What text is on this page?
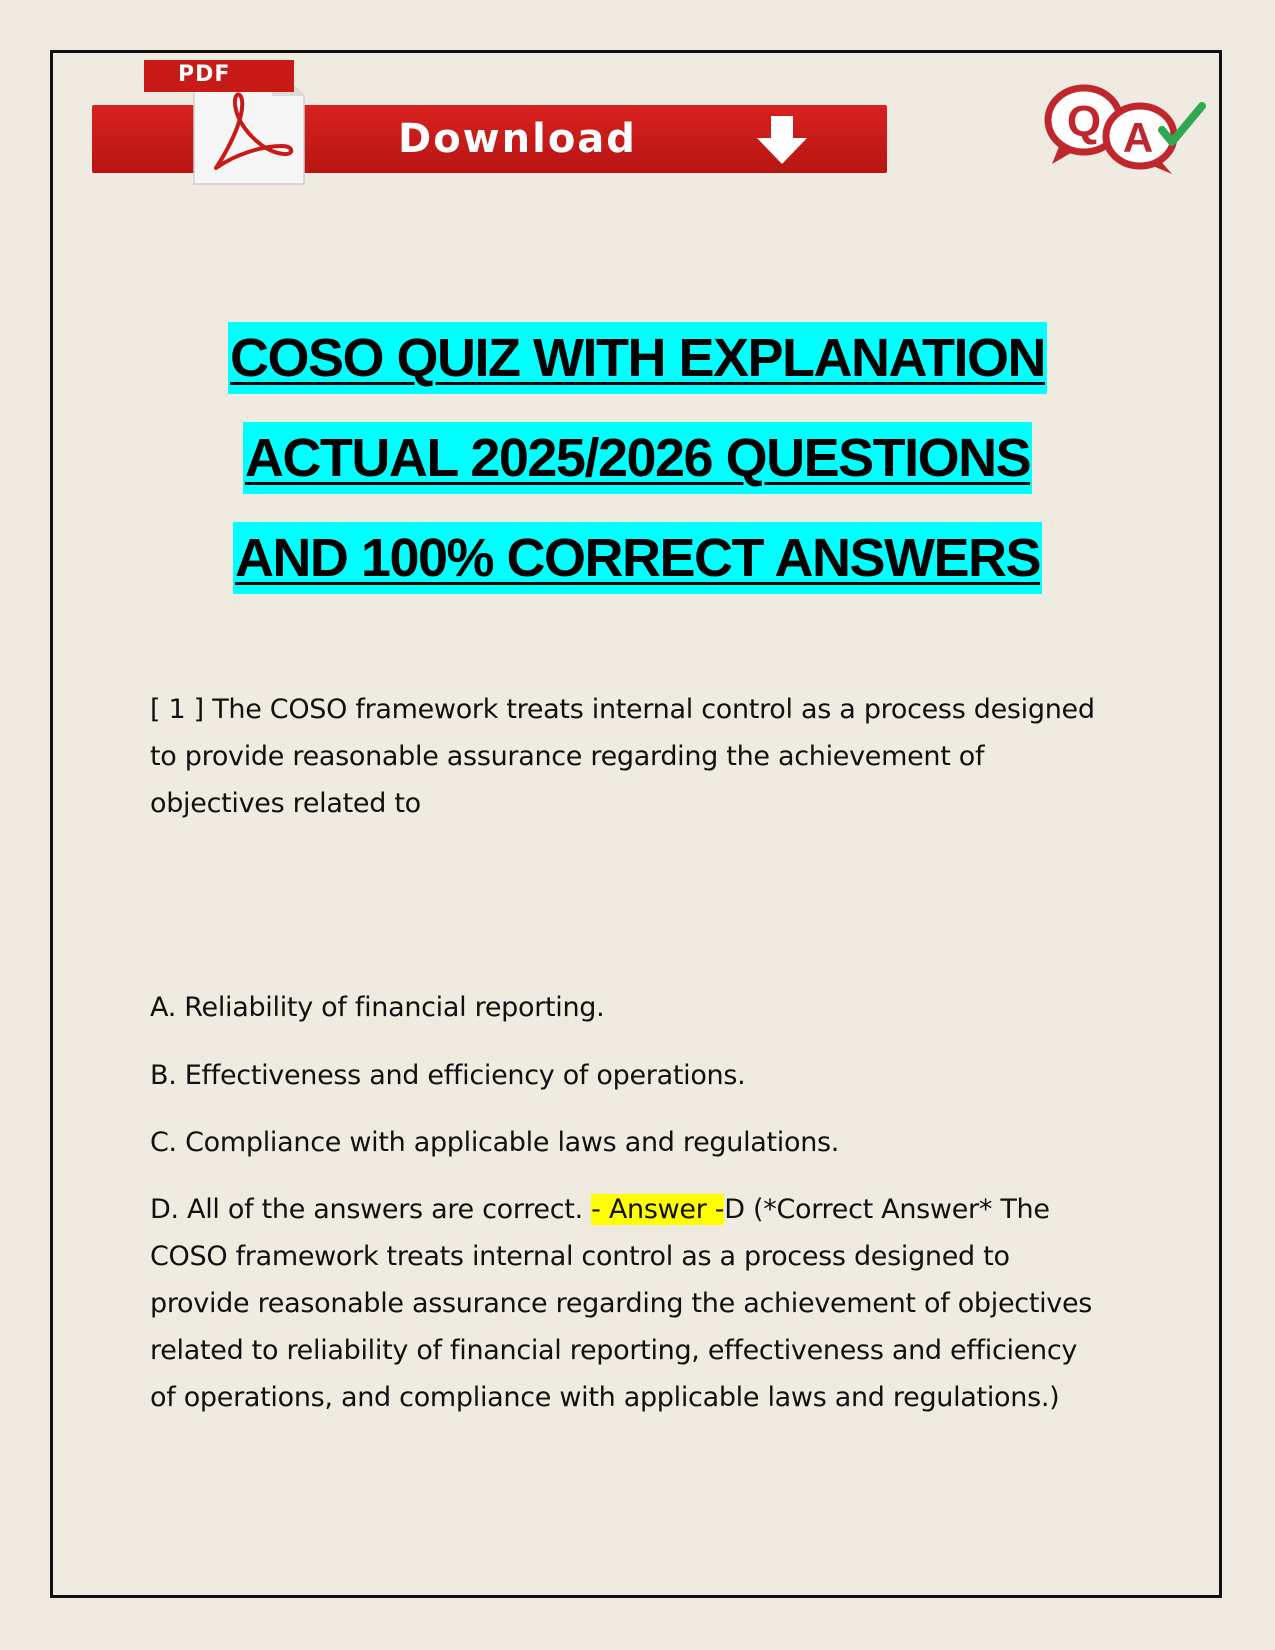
Download
PDF
Q A
COSO QUIZ WITH EXPLANATION
ACTUAL 2025/2026 QUESTIONS
AND 100% CORRECT ANSWERS
[ 1 ] The COSO framework treats internal control as a process designed to provide reasonable assurance regarding the achievement of objectives related to
A. Reliability of financial reporting.
B. Effectiveness and efficiency of operations.
C. Compliance with applicable laws and regulations.
D. All of the answers are correct. - Answer -D (*Correct Answer* The COSO framework treats internal control as a process designed to provide reasonable assurance regarding the achievement of objectives related to reliability of financial reporting, effectiveness and efficiency of operations, and compliance with applicable laws and regulations.)
